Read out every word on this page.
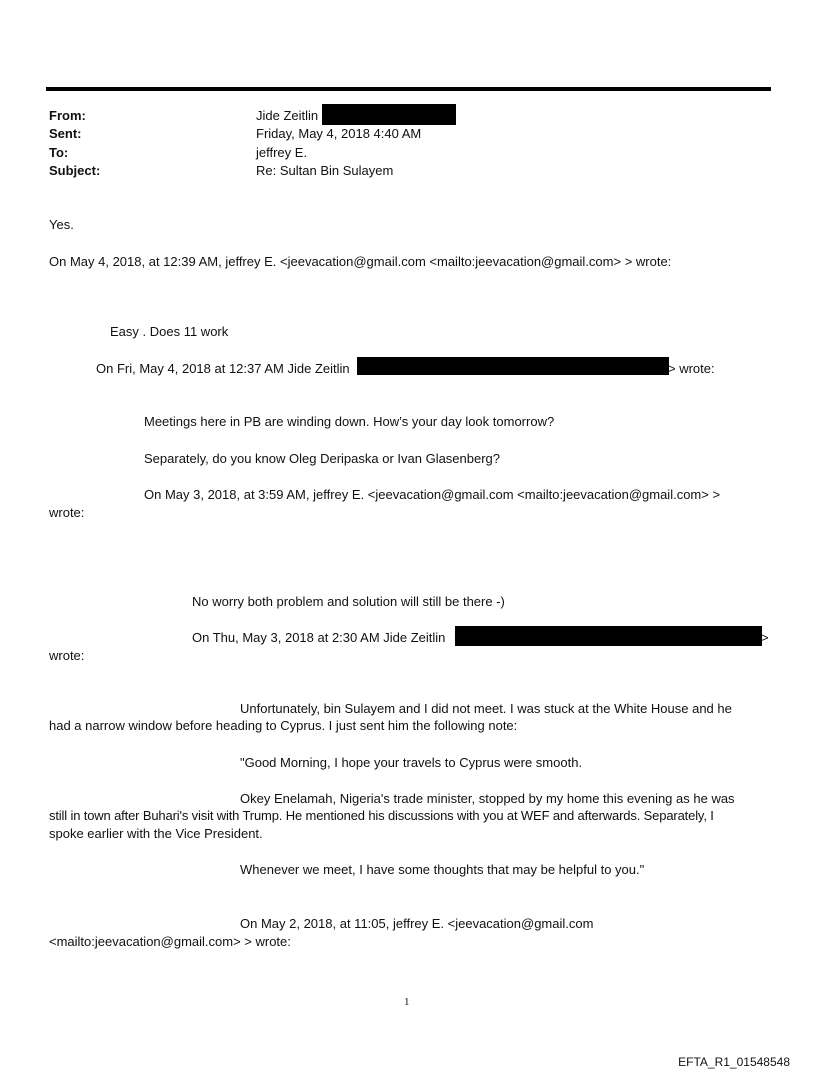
From:	Jide Zeitlin
Sent:	Friday, May 4, 2018 4:40 AM
To:	jeffrey E.
Subject:	Re: Sultan Bin Sulayem
Yes.
On May 4, 2018, at 12:39 AM, jeffrey E. <jeevacation@gmail.com <mailto:jeevacation@gmail.com> > wrote:
Easy . Does 11 work
On Fri, May 4, 2018 at 12:37 AM Jide Zeitlin	> wrote:
Meetings here in PB are winding down. How’s your day look tomorrow?
Separately, do you know Oleg Deripaska or Ivan Glasenberg?
On May 3, 2018, at 3:59 AM, jeffrey E. <jeevacation@gmail.com <mailto:jeevacation@gmail.com> >
wrote:
No worry both problem and solution will still be there -)
On Thu, May 3, 2018 at 2:30 AM Jide Zeitlin	>
wrote:
Unfortunately, bin Sulayem and I did not meet. I was stuck at the White House and he
had a narrow window before heading to Cyprus. I just sent him the following note:
"Good Morning, I hope your travels to Cyprus were smooth.
Okey Enelamah, Nigeria's trade minister, stopped by my home this evening as he was
still in town after Buhari's visit with Trump. He mentioned his discussions with you at WEF and afterwards. Separately, I
spoke earlier with the Vice President.
Whenever we meet, I have some thoughts that may be helpful to you."
On May 2, 2018, at 11:05, jeffrey E. <jeevacation@gmail.com
<mailto:jeevacation@gmail.com> > wrote:
1
EFTA_R1_01548548
